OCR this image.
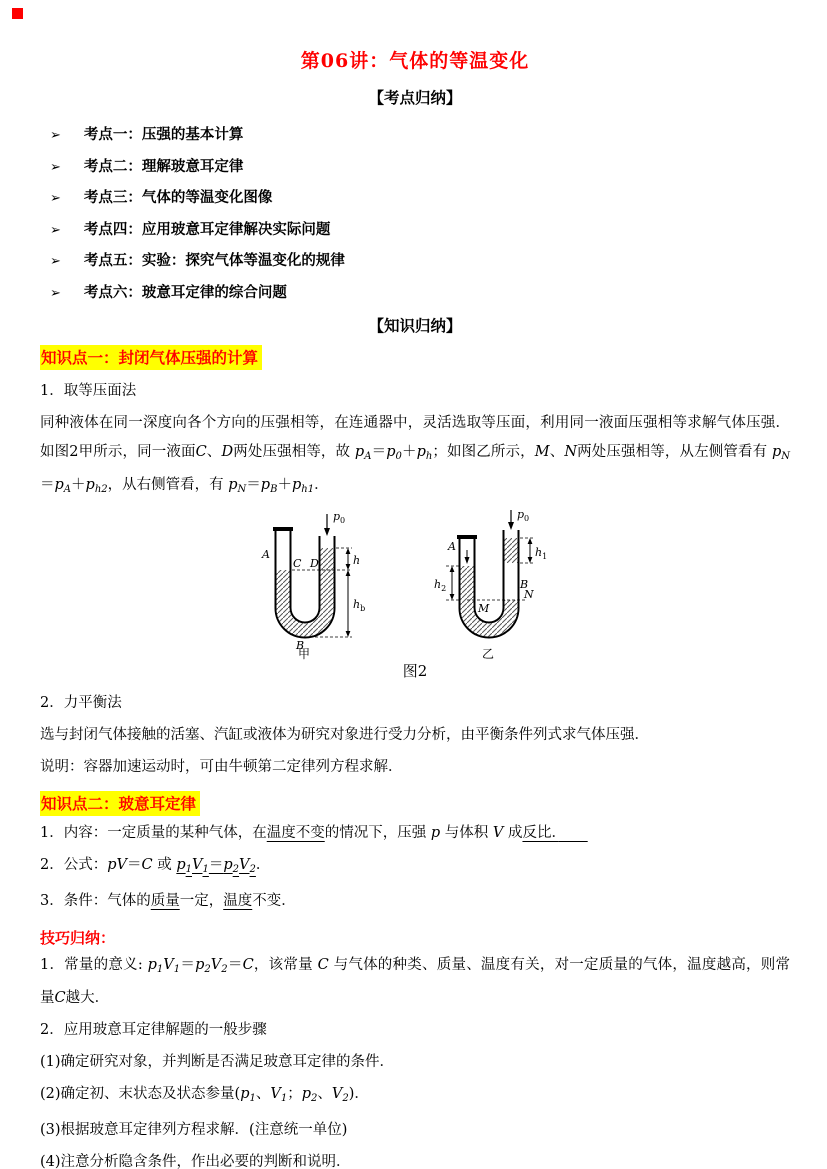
第06讲：气体的等温变化
【考点归纳】
➢ 考点一：压强的基本计算
➢ 考点二：理解玻意耳定律
➢ 考点三：气体的等温变化图像
➢ 考点四：应用玻意耳定律解决实际问题
➢ 考点五：实验：探究气体等温变化的规律
➢ 考点六：玻意耳定律的综合问题
【知识归纳】
知识点一：封闭气体压强的计算

1．取等压面法

同种液体在同一深度向各个方向的压强相等，在连通器中，灵活选取等压面，利用同一液面压强相等求解气体压强．如图2甲所示，同一液面C、D两处压强相等，故 $p_A=p_0+p_h$；如图乙所示，M、N两处压强相等，从左侧管看有 $p_N=p_A+p_{h2}$，从右侧管看，有 $p_N=p_B+p_{h1}$．

$p_0$
A
C D	h
$h_b$
B
甲
$p_0$
A
B
$h_1$
$h_2$
M
N
乙
图2

2．力平衡法

选与封闭气体接触的活塞、汽缸或液体为研究对象进行受力分析，由平衡条件列式求气体压强．

说明：容器加速运动时，可由牛顿第二定律列方程求解．

知识点二：玻意耳定律

1．内容：一定质量的某种气体，在温度不变的情况下，压强 p 与体积 V 成反比．　　

2．公式：pV＝C 或 $p_1V_1=p_2V_2$．

3．条件：气体的质量一定，温度不变．

技巧归纳：

1．常量的意义: $p_1V_1=p_2V_2=C$，该常量 C 与气体的种类、质量、温度有关，对一定质量的气体，温度越高，则常量C越大．

2．应用玻意耳定律解题的一般步骤

(1)确定研究对象，并判断是否满足玻意耳定律的条件．

(2)确定初、末状态及状态参量($p_1$、$V_1$；$p_2$、$V_2$)．

(3)根据玻意耳定律列方程求解．(注意统一单位)

(4)注意分析隐含条件，作出必要的判断和说明．
